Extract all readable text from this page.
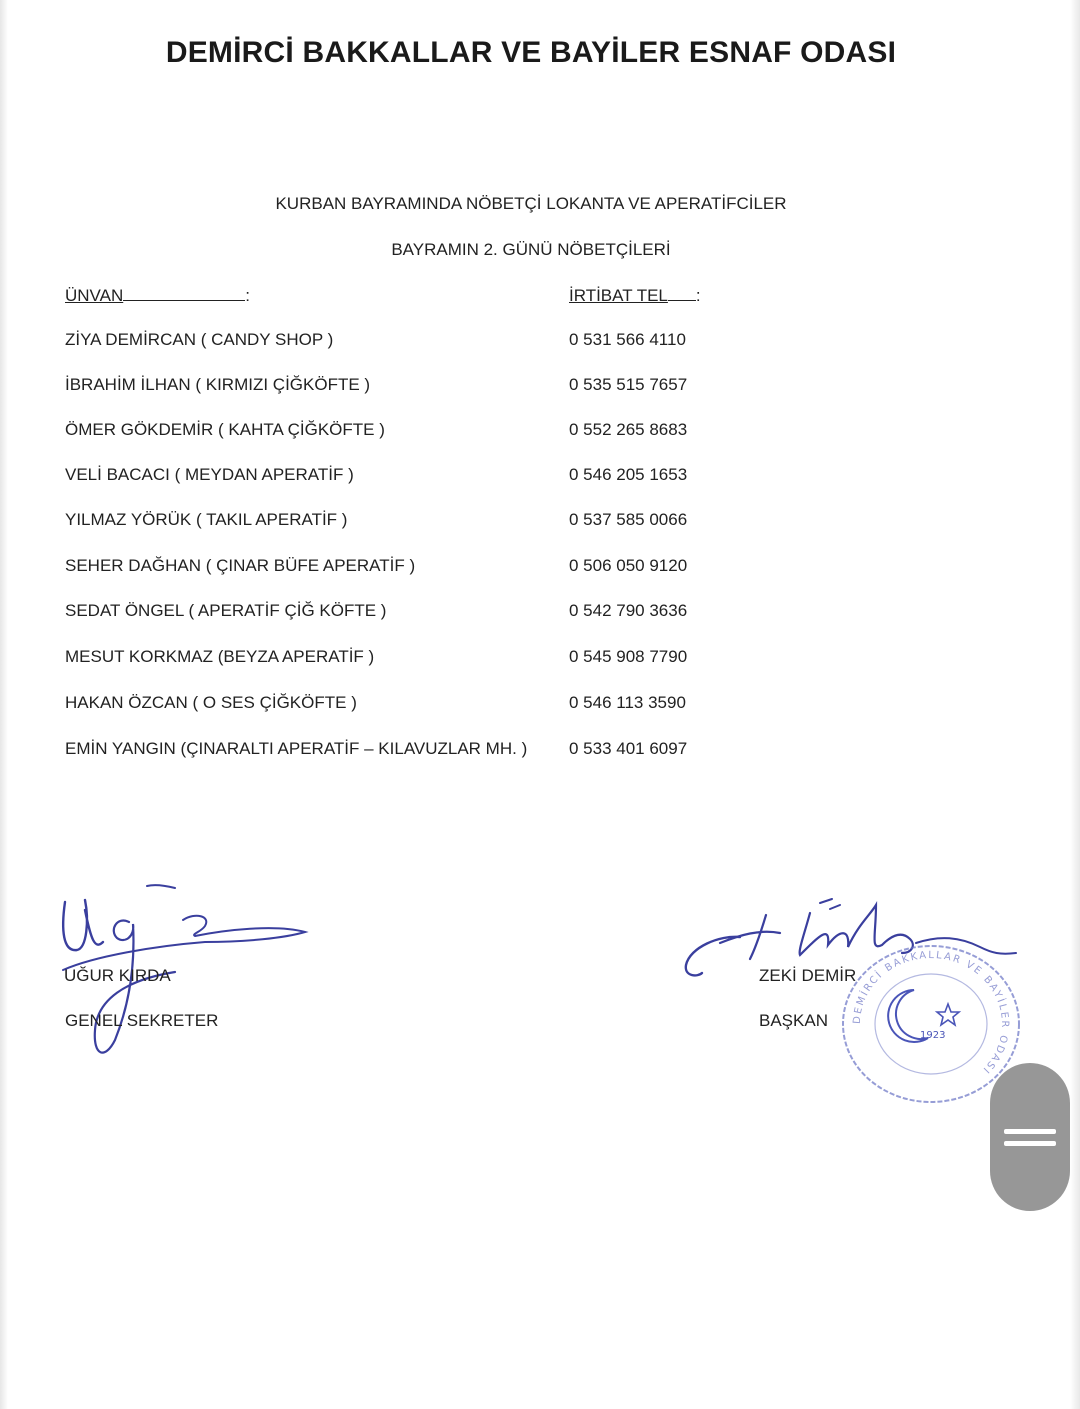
DEMİRCİ BAKKALLAR VE BAYİLER ESNAF ODASI
KURBAN BAYRAMINDA NÖBETÇİ LOKANTA VE APERATİFCİLER
BAYRAMIN 2. GÜNÜ NÖBETÇİLERİ
ÜNVAN	:	İRTİBAT TEL :
ZİYA DEMİRCAN ( CANDY SHOP )	0 531 566 4110
İBRAHİM İLHAN ( KIRMIZI ÇİĞKÖFTE )	0 535 515 7657
ÖMER GÖKDEMİR ( KAHTA ÇİĞKÖFTE )	0 552 265 8683
VELİ BACACI ( MEYDAN APERATİF )	0 546 205 1653
YILMAZ YÖRÜK ( TAKIL APERATİF )	0 537 585 0066
SEHER DAĞHAN ( ÇINAR BÜFE APERATİF )	0 506 050 9120
SEDAT ÖNGEL ( APERATİF ÇİĞ KÖFTE )	0 542 790 3636
MESUT KORKMAZ (BEYZA APERATİF )	0 545 908 7790
HAKAN ÖZCAN ( O SES ÇİĞKÖFTE )	0 546 113 3590
EMİN YANGIN (ÇINARALTI APERATİF – KILAVUZLAR MH. ) 0 533 401 6097
UĞUR KIRDA
GENEL SEKRETER
ZEKİ DEMİR
BAŞKAN DEMİRCİ BAKKALLAR VE BAYİLER ODASI
1923
